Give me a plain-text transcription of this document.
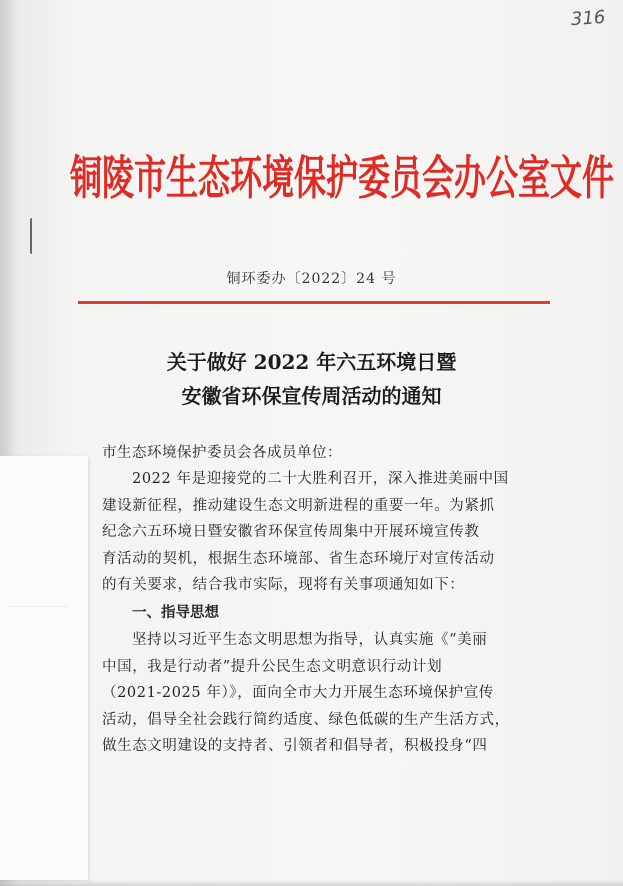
316
铜陵市生态环境保护委员会办公室文件
铜环委办〔2022〕24 号
关于做好 2022 年六五环境日暨
安徽省环保宣传周活动的通知
市生态环境保护委员会各成员单位：
2022 年是迎接党的二十大胜利召开，深入推进美丽中国
建设新征程，推动建设生态文明新进程的重要一年。为紧抓
纪念六五环境日暨安徽省环保宣传周集中开展环境宣传教
育活动的契机，根据生态环境部、省生态环境厅对宣传活动
的有关要求，结合我市实际，现将有关事项通知如下：
一、指导思想
坚持以习近平生态文明思想为指导，认真实施《“美丽
中国，我是行动者”提升公民生态文明意识行动计划
（2021-2025 年）》，面向全市大力开展生态环境保护宣传
活动，倡导全社会践行简约适度、绿色低碳的生产生活方式，
做生态文明建设的支持者、引领者和倡导者，积极投身“四
